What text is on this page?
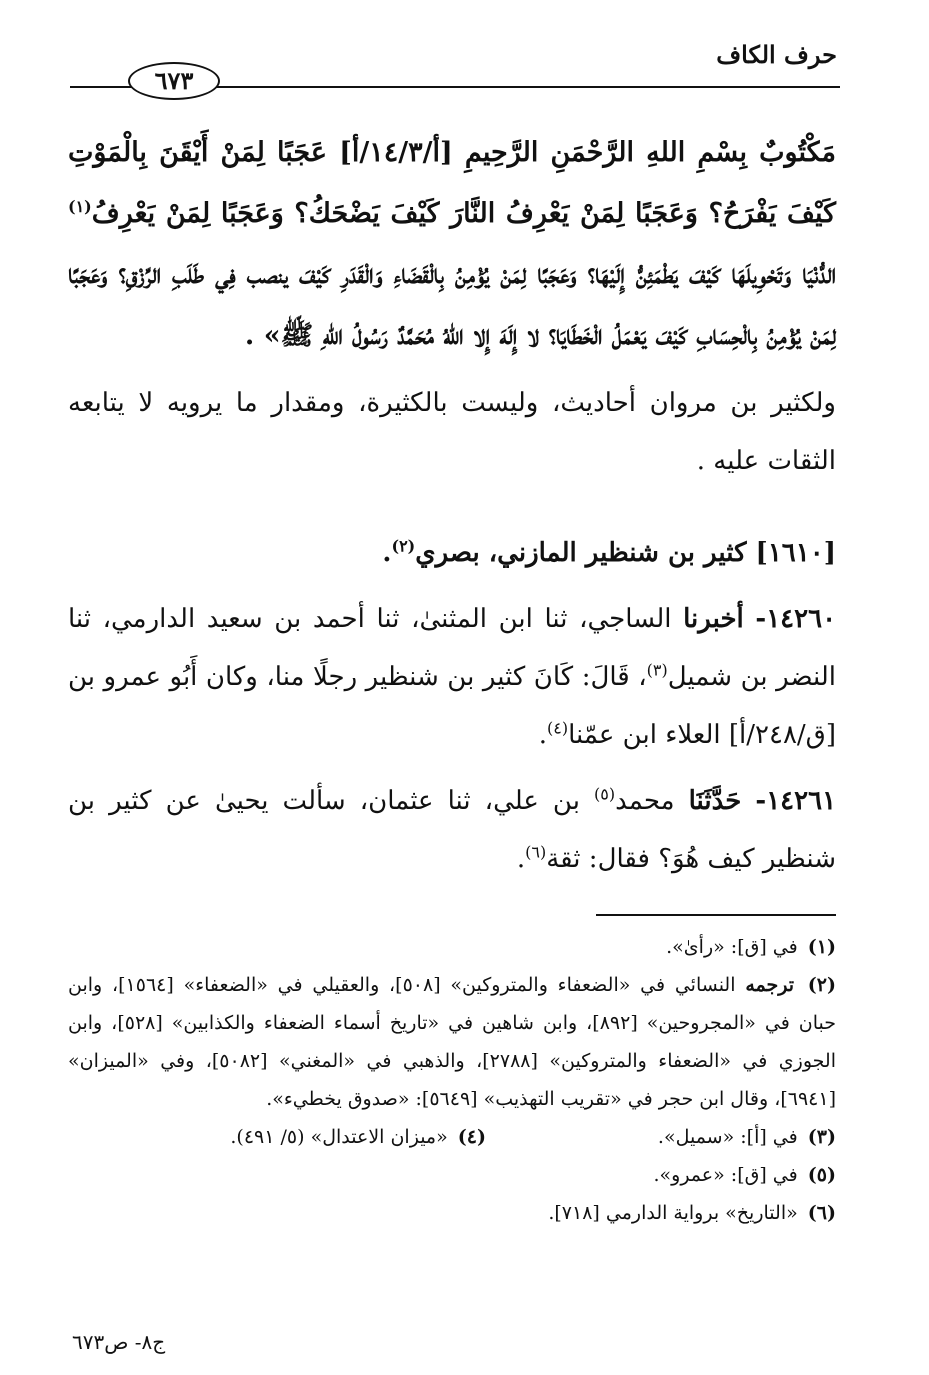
حرف الكاف
٦٧٣

مَكْتُوبٌ بِسْمِ اللهِ الرَّحْمَنِ الرَّحِيمِ [أ/١٤/٣/أ] عَجَبًا لِمَنْ أَيْقَنَ بِالْمَوْتِ كَيْفَ يَفْرَحُ؟ وَعَجَبًا لِمَنْ يَعْرِفُ النَّارَ كَيْفَ يَضْحَكُ؟ وَعَجَبًا لِمَنْ يَعْرِفُ$^{(١)}$ الدُّنْيَا وَتَحْوِيلَهَا كَيْفَ يَطْمَئِنُّ إِلَيْهَا؟ وَعَجَبًا لِمَنْ يُؤْمِنُ بِالْقَضَاءِ وَالْقَدَرِ كَيْفَ ينصب فِي طَلَبِ الرِّزْقِ؟ وَعَجَبًا لِمَنْ يُؤْمِنُ بِالْحِسَابِ كَيْفَ يَعْمَلُ الْخَطَايَا؟ لا إِلَهَ إِلا اللهُ مُحَمَّدٌ رَسُولُ اللهِ ﷺ» .

ولكثير بن مروان أحاديث، وليست بالكثيرة، ومقدار ما يرويه لا يتابعه الثقات عليه .

[١٦١٠] كثير بن شنظير المازني، بصري$^{(٢)}$.

١٤٢٦٠- أخبرنا الساجي، ثنا ابن المثنىٰ، ثنا أحمد بن سعيد الدارمي، ثنا النضر بن شميل$^{(٣)}$، قَالَ: كَانَ كثير بن شنظير رجلًا منا، وكان أَبُو عمرو بن [ق/٢٤٨/أ] العلاء ابن عمّنا$^{(٤)}$.

١٤٢٦١- حَدَّثَنَا محمد$^{(٥)}$ بن علي، ثنا عثمان، سألت يحيىٰ عن كثير بن شنظير كيف هُوَ؟ فقال: ثقة$^{(٦)}$.

(١) في [ق]: «رأىٰ».

(٢) ترجمه النسائي في «الضعفاء والمتروكين» [٥٠٨]، والعقيلي في «الضعفاء» [١٥٦٤]، وابن حبان في «المجروحين» [٨٩٢]، وابن شاهين في «تاريخ أسماء الضعفاء والكذابين» [٥٢٨]، وابن الجوزي في «الضعفاء والمتروكين» [٢٧٨٨]، والذهبي في «المغني» [٥٠٨٢]، وفي «الميزان» [٦٩٤١]، وقال ابن حجر في «تقريب التهذيب» [٥٦٤٩]: «صدوق يخطيء».

(٣) في [أ]: «سميل».

(٤) «ميزان الاعتدال» (٥/ ٤٩١).

(٥) في [ق]: «عمرو».

(٦) «التاريخ» برواية الدارمي [٧١٨].

ج٨- ص٦٧٣
